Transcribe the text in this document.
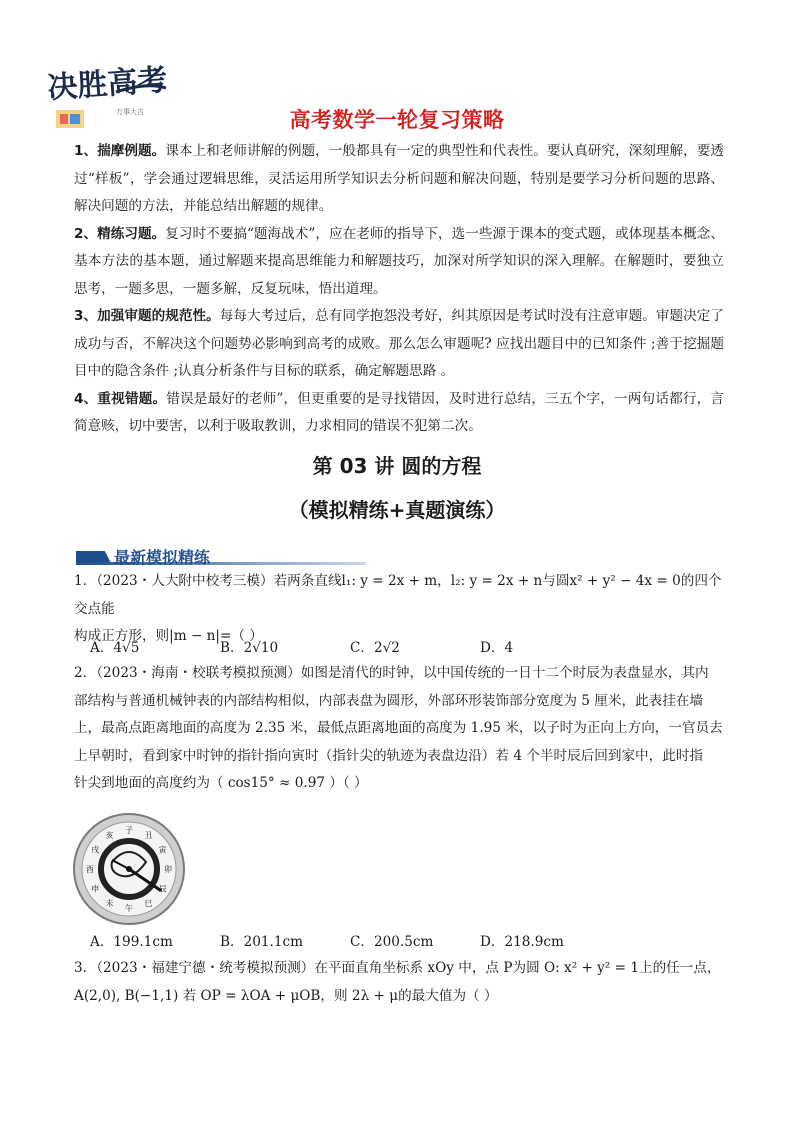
决胜高考
万事大吉	高考数学一轮复习策略

1、揣摩例题。课本上和老师讲解的例题，一般都具有一定的典型性和代表性。要认真研究，深刻理解，要透过“样板”，学会通过逻辑思维，灵活运用所学知识去分析问题和解决问题，特别是要学习分析问题的思路、解决问题的方法，并能总结出解题的规律。

2、精练习题。复习时不要搞“题海战术”，应在老师的指导下，选一些源于课本的变式题，或体现基本概念、基本方法的基本题，通过解题来提高思维能力和解题技巧，加深对所学知识的深入理解。在解题时，要独立思考，一题多思，一题多解，反复玩味，悟出道理。

3、加强审题的规范性。每每大考过后，总有同学抱怨没考好，纠其原因是考试时没有注意审题。审题决定了成功与否，不解决这个问题势必影响到高考的成败。那么怎么审题呢? 应找出题目中的已知条件 ;善于挖掘题目中的隐含条件 ;认真分析条件与目标的联系，确定解题思路 。

4、重视错题。错误是最好的老师”，但更重要的是寻找错因，及时进行总结，三五个字，一两句话都行，言简意赅，切中要害，以利于吸取教训，力求相同的错误不犯第二次。

第 03 讲 圆的方程
（模拟精练+真题演练）
最新模拟精练

1．（2023・人大附中校考三模）若两条直线l₁: y = 2x + m，l₂: y = 2x + n与圆x² + y² − 4x = 0的四个交点能

构成正方形，则|m − n|=（ ）

A．4√5	B．2√10	C．2√2	D．4

2．（2023・海南・校联考模拟预测）如图是清代的时钟，以中国传统的一日十二个时辰为表盘显水，其内

部结构与普通机械钟表的内部结构相似，内部表盘为圆形，外部环形装饰部分宽度为 5 厘米，此表挂在墙

上，最高点距离地面的高度为 2.35 米，最低点距离地面的高度为 1.95 米，以子时为正向上方向，一官员去

上早朝时，看到家中时钟的指针指向寅时（指针尖的轨迹为表盘边沿）若 4 个半时辰后回到家中，此时指

针尖到地面的高度约为（ cos15° ≈ 0.97 ）（ ）

子
丑
寅
卯
辰
巳
午
未
申
酉
戌
亥
A．199.1cm	B．201.1cm	C．200.5cm	D．218.9cm

3．（2023・福建宁德・统考模拟预测）在平面直角坐标系 xOy 中，点 P为圆 O: x² + y² = 1上的任一点，

A(2,0), B(−1,1) 若 OP = λOA + μOB，则 2λ + μ的最大值为（ ）
